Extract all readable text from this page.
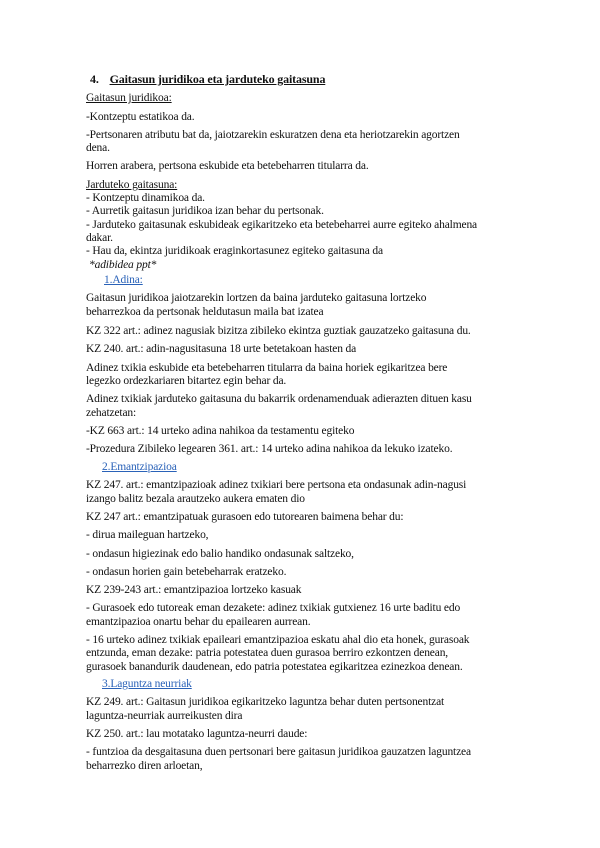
4. Gaitasun juridikoa eta jarduteko gaitasuna
Gaitasun juridikoa:
-Kontzeptu estatikoa da.
-Pertsonaren atributu bat da, jaiotzarekin eskuratzen dena eta heriotzarekin agortzen
dena.
Horren arabera, pertsona eskubide eta betebeharren titularra da.
Jarduteko gaitasuna:
- Kontzeptu dinamikoa da.
- Aurretik gaitasun juridikoa izan behar du pertsonak.
- Jarduteko gaitasunak eskubideak egikaritzeko eta betebeharrei aurre egiteko ahalmena
dakar.
- Hau da, ekintza juridikoak eraginkortasunez egiteko gaitasuna da
*adibidea ppt*
1.Adina:
Gaitasun juridikoa jaiotzarekin lortzen da baina jarduteko gaitasuna lortzeko
beharrezkoa da pertsonak heldutasun maila bat izatea
KZ 322 art.: adinez nagusiak bizitza zibileko ekintza guztiak gauzatzeko gaitasuna du.
KZ 240. art.: adin-nagusitasuna 18 urte betetakoan hasten da
Adinez txikia eskubide eta betebeharren titularra da baina horiek egikaritzea bere
legezko ordezkariaren bitartez egin behar da.
Adinez txikiak jarduteko gaitasuna du bakarrik ordenamenduak adierazten dituen kasu
zehatzetan:
-KZ 663 art.: 14 urteko adina nahikoa da testamentu egiteko
-Prozedura Zibileko legearen 361. art.: 14 urteko adina nahikoa da lekuko izateko.
2.Emantzipazioa
KZ 247. art.: emantzipazioak adinez txikiari bere pertsona eta ondasunak adin-nagusi
izango balitz bezala arautzeko aukera ematen dio
KZ 247 art.: emantzipatuak gurasoen edo tutorearen baimena behar du:
- dirua maileguan hartzeko,
- ondasun higiezinak edo balio handiko ondasunak saltzeko,
- ondasun horien gain betebeharrak eratzeko.
KZ 239-243 art.: emantzipazioa lortzeko kasuak
- Gurasoek edo tutoreak eman dezakete: adinez txikiak gutxienez 16 urte baditu edo
emantzipazioa onartu behar du epailearen aurrean.
- 16 urteko adinez txikiak epaileari emantzipazioa eskatu ahal dio eta honek, gurasoak
entzunda, eman dezake: patria potestatea duen gurasoa berriro ezkontzen denean,
gurasoek banandurik daudenean, edo patria potestatea egikaritzea ezinezkoa denean.
3.Laguntza neurriak
KZ 249. art.: Gaitasun juridikoa egikaritzeko laguntza behar duten pertsonentzat
laguntza-neurriak aurreikusten dira
KZ 250. art.: lau motatako laguntza-neurri daude:
- funtzioa da desgaitasuna duen pertsonari bere gaitasun juridikoa gauzatzen laguntzea
beharrezko diren arloetan,
